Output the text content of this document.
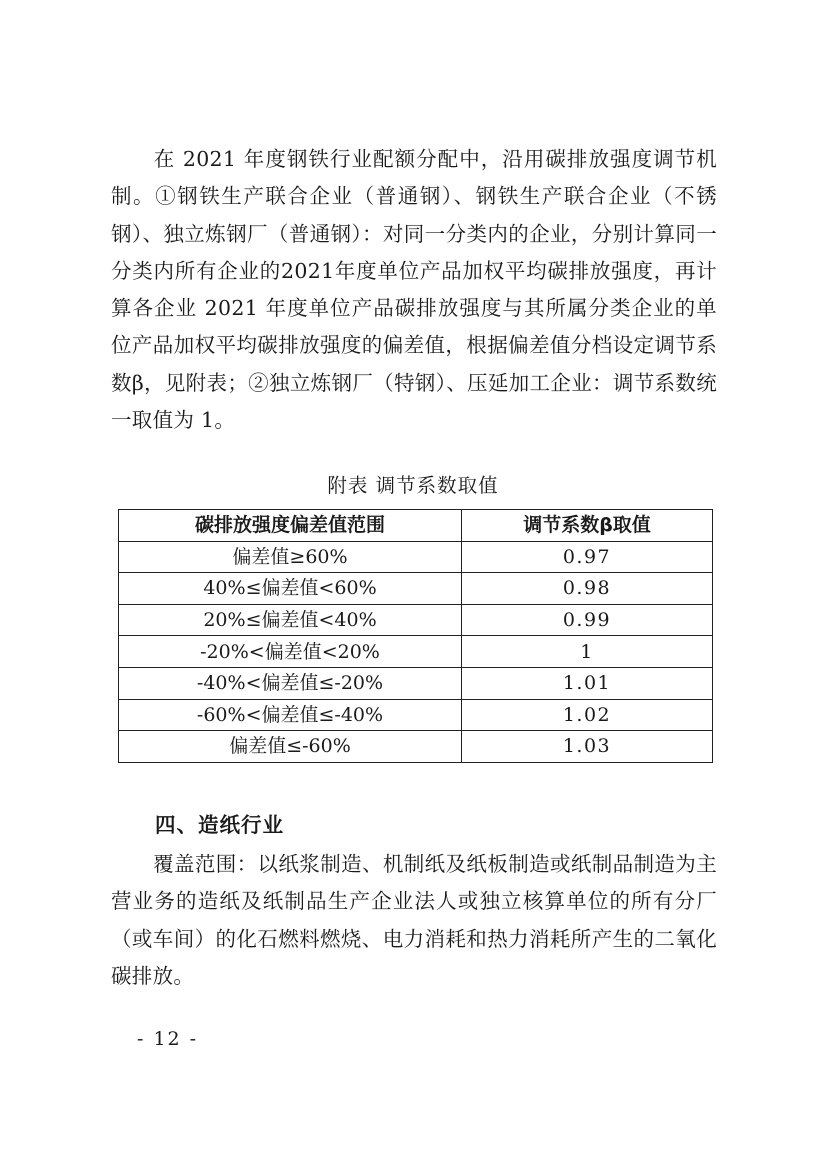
在 2021 年度钢铁行业配额分配中，沿用碳排放强度调节机制。①钢铁生产联合企业（普通钢）、钢铁生产联合企业（不锈钢）、独立炼钢厂（普通钢）：对同一分类内的企业，分别计算同一分类内所有企业的2021年度单位产品加权平均碳排放强度，再计算各企业 2021 年度单位产品碳排放强度与其所属分类企业的单位产品加权平均碳排放强度的偏差值，根据偏差值分档设定调节系数β，见附表；②独立炼钢厂（特钢）、压延加工企业：调节系数统一取值为 1。

附表 调节系数取值
碳排放强度偏差值范围	调节系数β取值
偏差值≥60%	0.97
40%≤偏差值<60%	0.98
20%≤偏差值<40%	0.99
-20%<偏差值<20%	1
-40%<偏差值≤-20%	1.01
-60%<偏差值≤-40%	1.02
偏差值≤-60%	1.03
四、造纸行业

覆盖范围：以纸浆制造、机制纸及纸板制造或纸制品制造为主营业务的造纸及纸制品生产企业法人或独立核算单位的所有分厂（或车间）的化石燃料燃烧、电力消耗和热力消耗所产生的二氧化碳排放。

- 12 -
